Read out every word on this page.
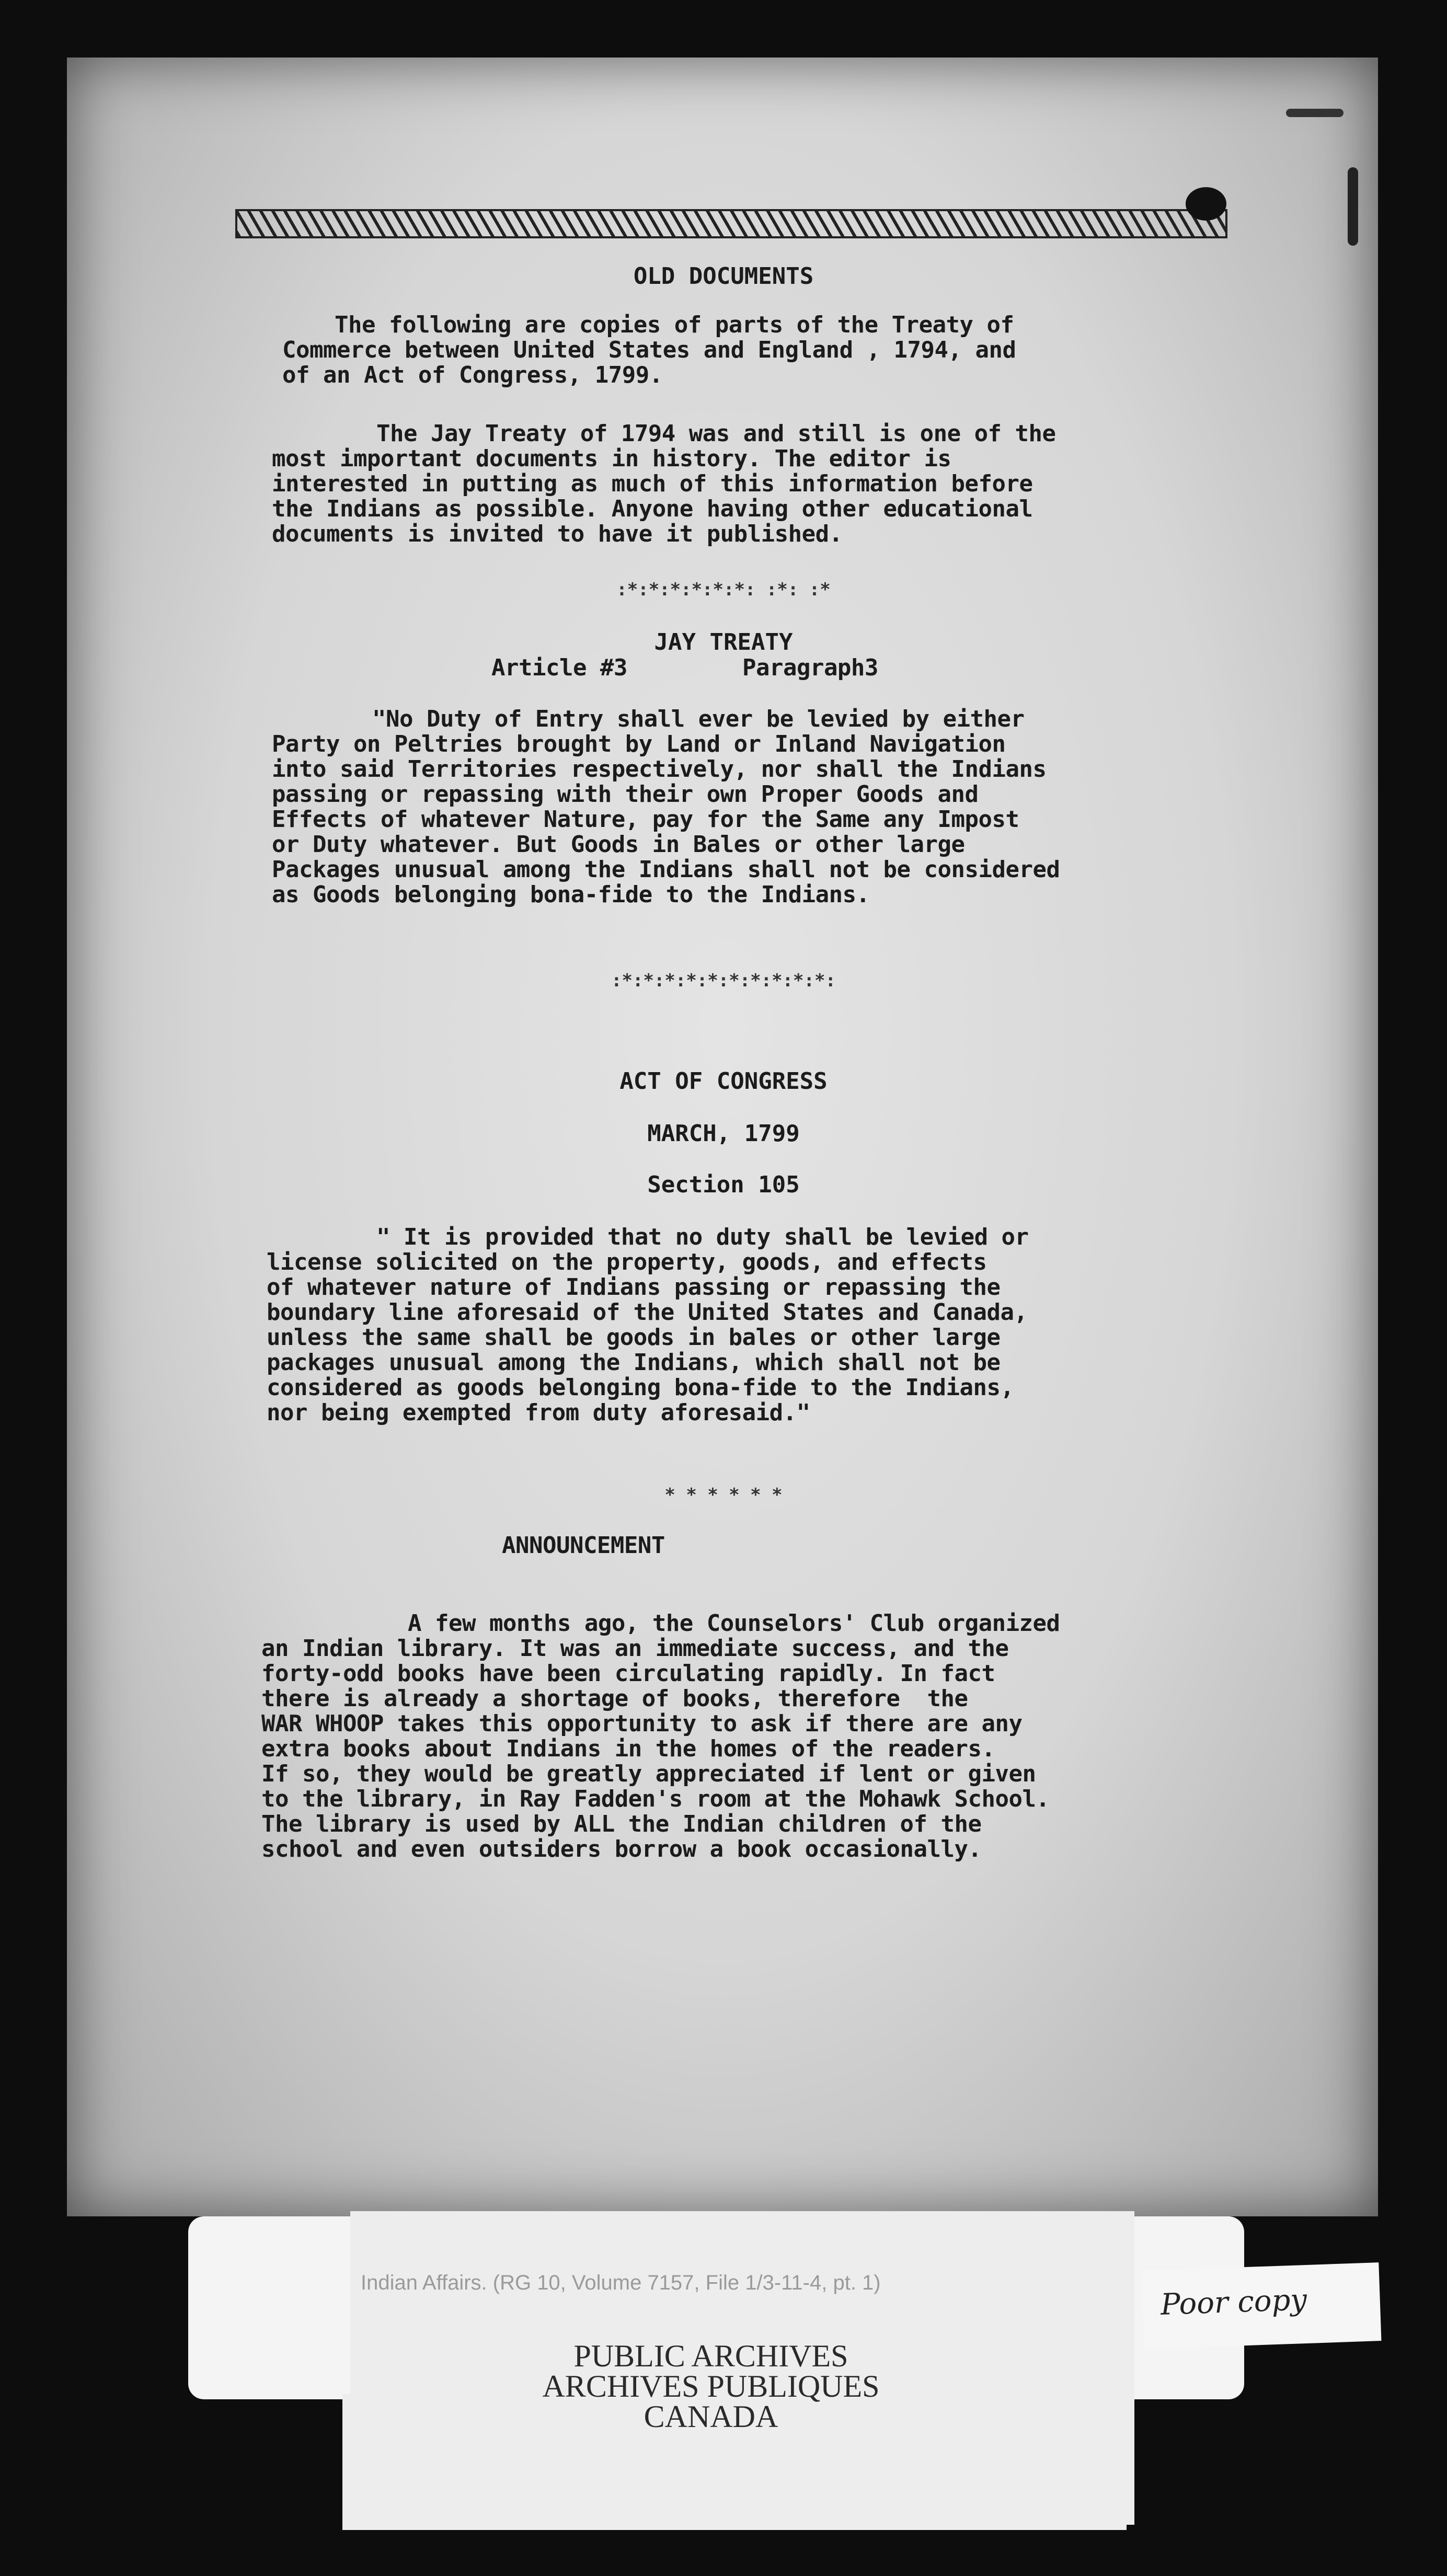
OLD DOCUMENTS
The following are copies of parts of the Treaty of
Commerce between United States and England , 1794, and
of an Act of Congress, 1799.
The Jay Treaty of 1794 was and still is one of the
most important documents in history. The editor is
interested in putting as much of this information before
the Indians as possible. Anyone having other educational
documents is invited to have it published.
:*:*:*:*:*:*: :*: :*
JAY TREATY
Article #3	Paragraph3
"No Duty of Entry shall ever be levied by either
Party on Peltries brought by Land or Inland Navigation
into said Territories respectively, nor shall the Indians
passing or repassing with their own Proper Goods and
Effects of whatever Nature, pay for the Same any Impost
or Duty whatever. But Goods in Bales or other large
Packages unusual among the Indians shall not be considered
as Goods belonging bona-fide to the Indians.
:*:*:*:*:*:*:*:*:*:*:
ACT OF CONGRESS
MARCH, 1799
Section 105
" It is provided that no duty shall be levied or
license solicited on the property, goods, and effects
of whatever nature of Indians passing or repassing the
boundary line aforesaid of the United States and Canada,
unless the same shall be goods in bales or other large
packages unusual among the Indians, which shall not be
considered as goods belonging bona-fide to the Indians,
nor being exempted from duty aforesaid."
* * * * * *
ANNOUNCEMENT
A few months ago, the Counselors' Club organized
an Indian library. It was an immediate success, and the
forty-odd books have been circulating rapidly. In fact
there is already a shortage of books, therefore  the
WAR WHOOP takes this opportunity to ask if there are any
extra books about Indians in the homes of the readers.
If so, they would be greatly appreciated if lent or given
to the library, in Ray Fadden's room at the Mohawk School.
The library is used by ALL the Indian children of the
school and even outsiders borrow a book occasionally.
Indian Affairs. (RG 10, Volume 7157, File 1/3-11-4, pt. 1)
PUBLIC ARCHIVES
ARCHIVES PUBLIQUES
CANADA
Poor copy
